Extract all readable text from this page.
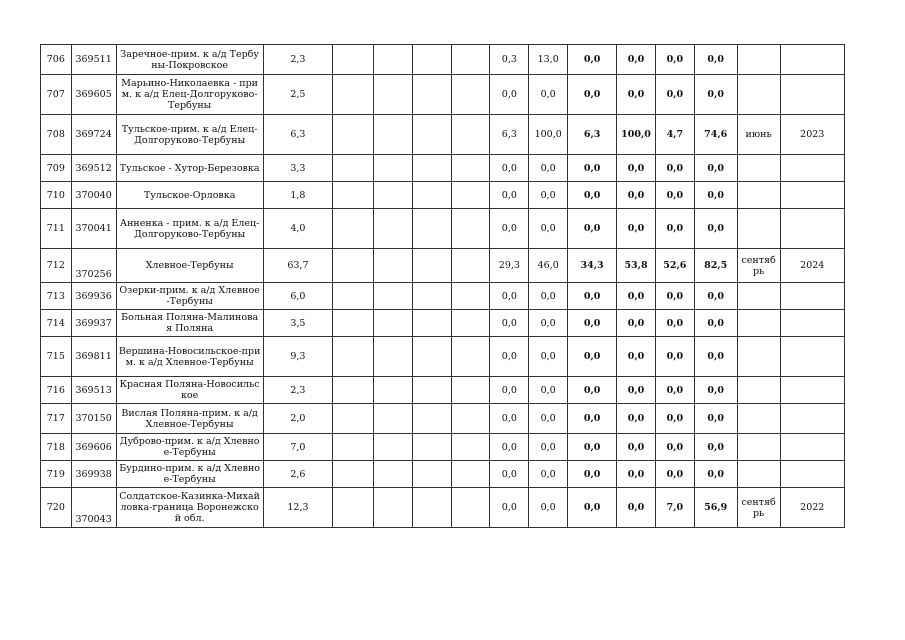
706	369511	Заречное-прим. к а/д Тербуны-Покровское	2,3					0,3	13,0	0,0	0,0	0,0	0,0		
707	369605	Марьино-Николаевка - прим. к а/д Елец-Долгоруково-Тербуны	2,5					0,0	0,0	0,0	0,0	0,0	0,0		
708	369724	Тульское-прим. к а/д Елец-Долгоруково-Тербуны	6,3					6,3	100,0	6,3	100,0	4,7	74,6	июнь	2023
709	369512	Тульское - Хутор-Березовка	3,3					0,0	0,0	0,0	0,0	0,0	0,0		
710	370040	Тульское-Орловка	1,8					0,0	0,0	0,0	0,0	0,0	0,0		
711	370041	Анненка - прим. к а/д Елец-Долгоруково-Тербуны	4,0					0,0	0,0	0,0	0,0	0,0	0,0		
712	370256	Хлевное-Тербуны	63,7					29,3	46,0	34,3	53,8	52,6	82,5	сентябрь	2024
713	369936	Озерки-прим. к а/д Хлевное-Тербуны	6,0					0,0	0,0	0,0	0,0	0,0	0,0		
714	369937	Больная Поляна-Малиновая Поляна	3,5					0,0	0,0	0,0	0,0	0,0	0,0		
715	369811	Вершина-Новосильское-прим. к а/д Хлевное-Тербуны	9,3					0,0	0,0	0,0	0,0	0,0	0,0		
716	369513	Красная Поляна-Новосильское	2,3					0,0	0,0	0,0	0,0	0,0	0,0		
717	370150	Вислая Поляна-прим. к а/д Хлевное-Тербуны	2,0					0,0	0,0	0,0	0,0	0,0	0,0		
718	369606	Дуброво-прим. к а/д Хлевное-Тербуны	7,0					0,0	0,0	0,0	0,0	0,0	0,0		
719	369938	Бурдино-прим. к а/д Хлевное-Тербуны	2,6					0,0	0,0	0,0	0,0	0,0	0,0		
720	370043	Солдатское-Казинка-Михайловка-граница Воронежской обл.	12,3					0,0	0,0	0,0	0,0	7,0	56,9	сентябрь	2022
